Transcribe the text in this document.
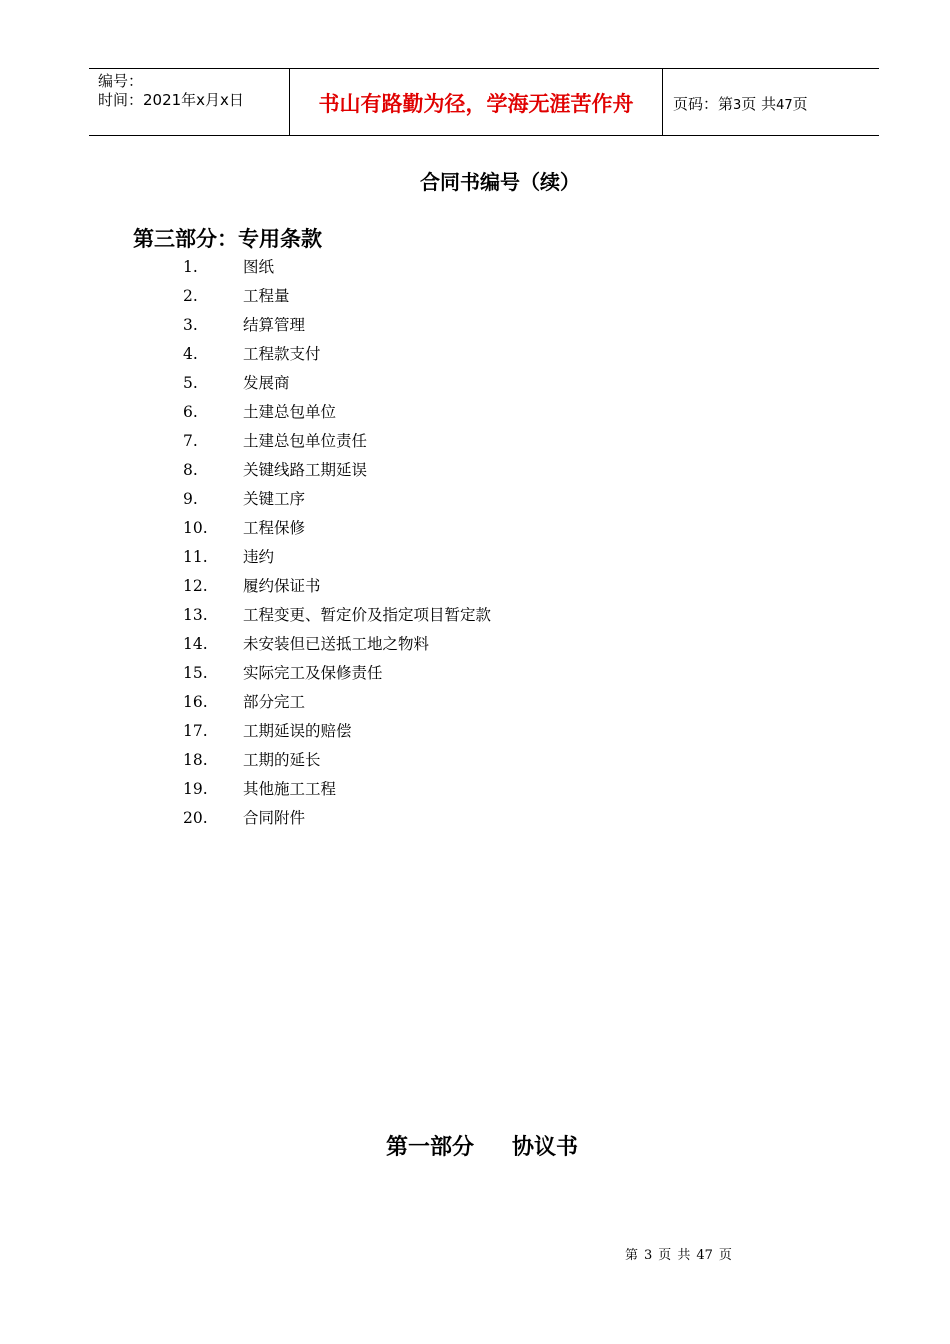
编号：
时间：2021年x月x日	书山有路勤为径，学海无涯苦作舟	页码：第3页 共47页
合同书编号（续）
第三部分：专用条款
1.	图纸
2.	工程量
3.	结算管理
4.	工程款支付
5.	发展商
6.	土建总包单位
7.	土建总包单位责任
8.	关键线路工期延误
9.	关键工序
10. 工程保修
11. 违约
12. 履约保证书
13. 工程变更、暂定价及指定项目暂定款
14. 未安装但已送抵工地之物料
15. 实际完工及保修责任
16. 部分完工
17. 工期延误的赔偿
18. 工期的延长
19. 其他施工工程
20. 合同附件
第一部分 协议书
第 3 页 共 47 页
